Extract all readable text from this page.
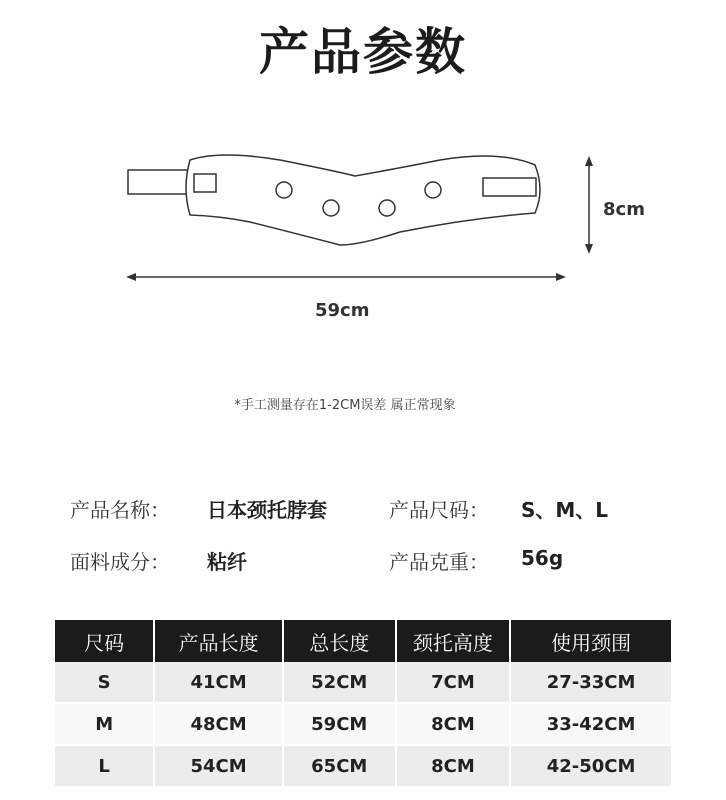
产品参数
59cm
8cm
*手工测量存在1-2CM误差 属正常现象
产品名称： 日本颈托脖套	产品尺码： S、M、L
面料成分： 粘纤	产品克重： 56g
尺码	产品长度	总长度	颈托高度	使用颈围
S	41CM	52CM	7CM	27-33CM
M	48CM	59CM	8CM	33-42CM
L	54CM	65CM	8CM	42-50CM
